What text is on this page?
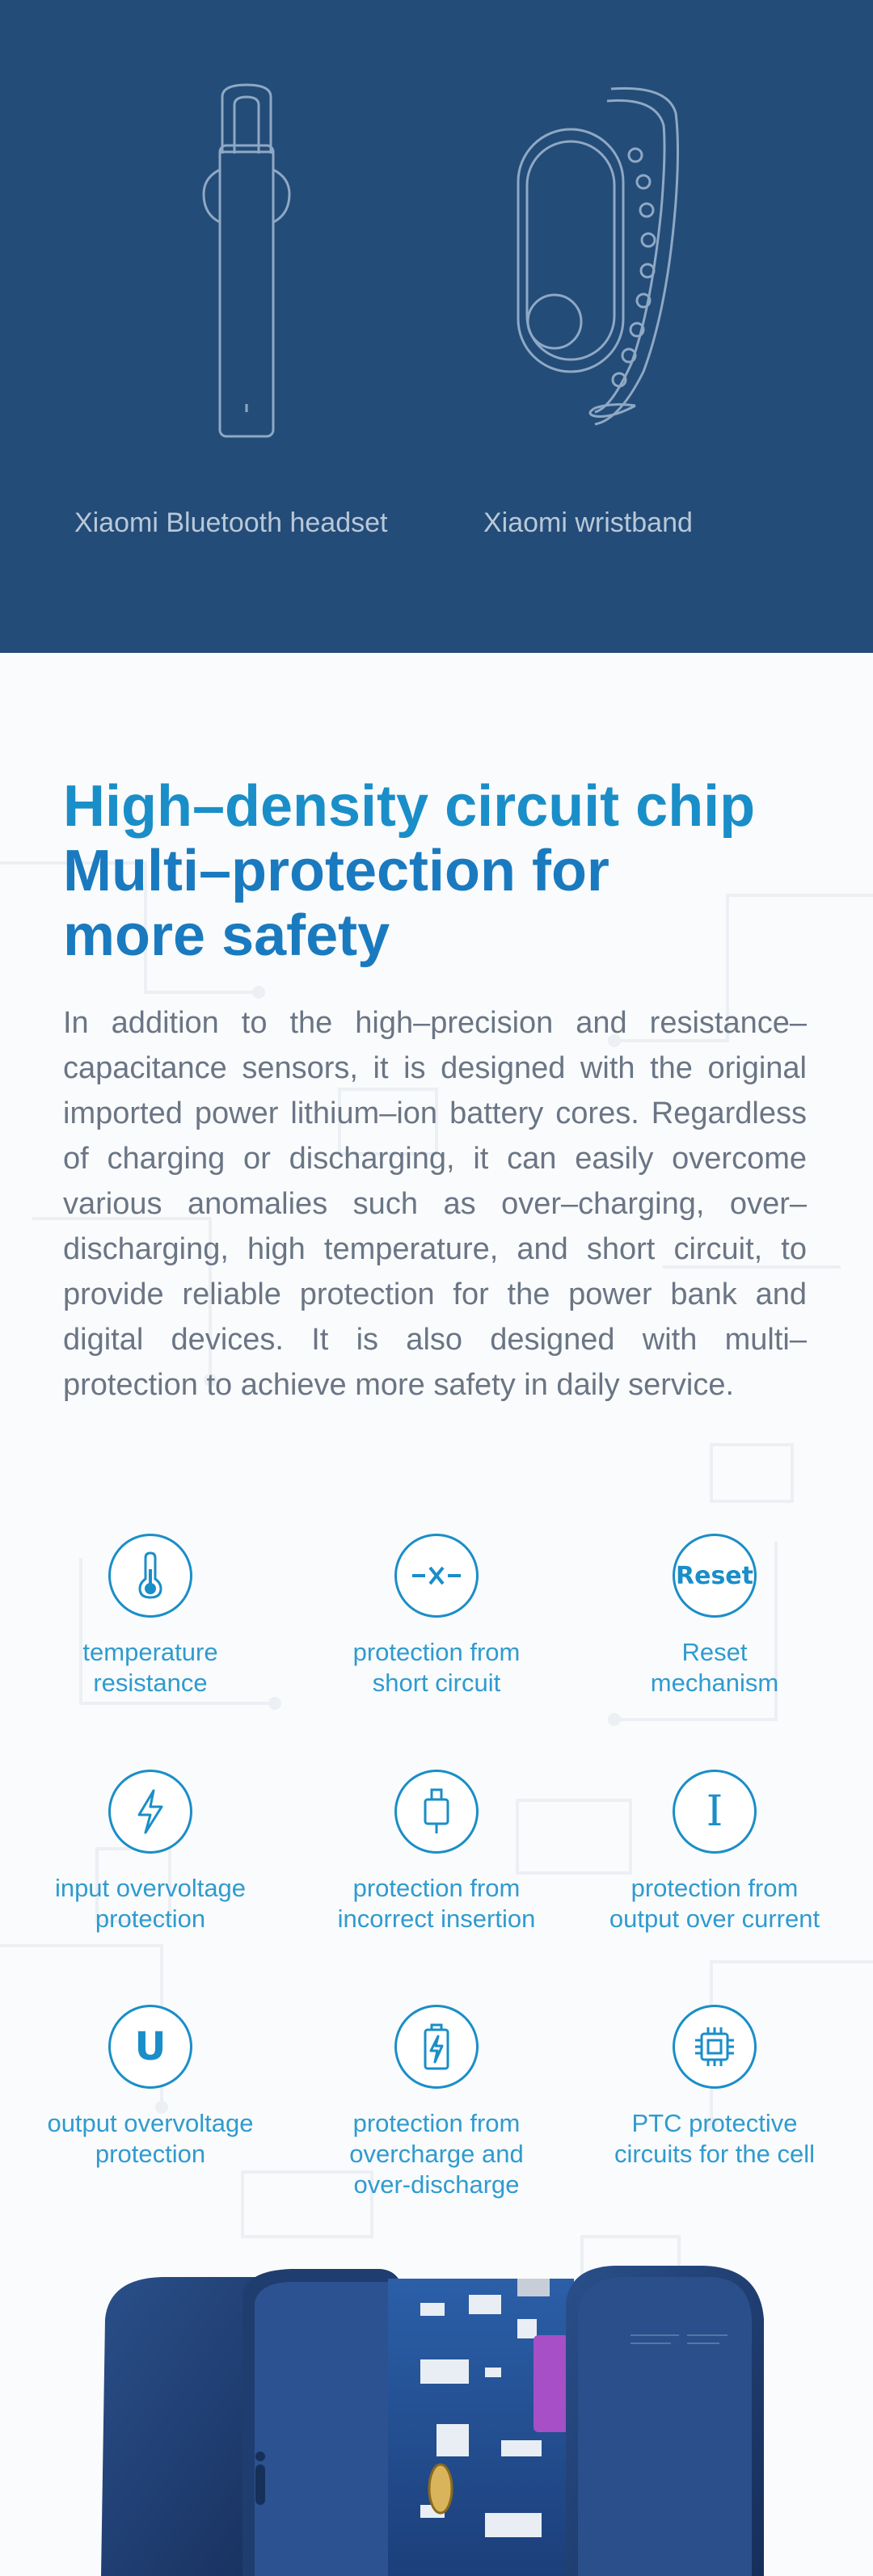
Xiaomi Bluetooth headset	Xiaomi wristband
High–density circuit chip
Multi–protection for
more safety

In addition to the high–precision and resistance–capacitance sensors, it is designed with the original imported power lithium–ion battery cores. Regardless of charging or discharging, it can easily overcome various anomalies such as over–charging, over–discharging, high temperature, and short circuit, to provide reliable protection for the power bank and digital devices. It is also designed with multi–protection to achieve more safety in daily service.

temperature
resistance
protection from
short circuit
Reset
Reset
mechanism
input overvoltage
protection
protection from
incorrect insertion
I
protection from
output over current
U
output overvoltage
protection
protection from
overcharge and
over-discharge
PTC protective
circuits for the cell
